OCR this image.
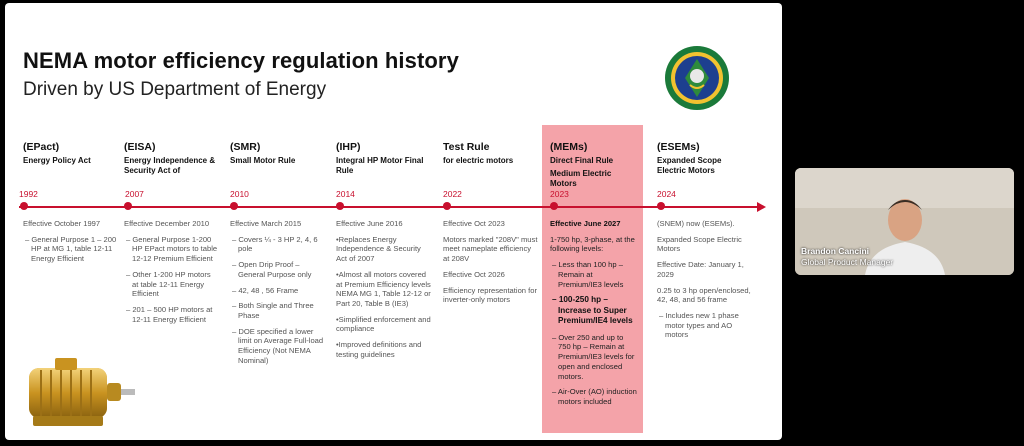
NEMA motor efficiency regulation history
Driven by US Department of Energy
(EPact)
Energy Policy Act
1992

Effective October 1997

– General Purpose 1 – 200 HP at MG 1, table 12-11 Energy Efficient

(EISA)
Energy Independence & Security Act of
2007

Effective December 2010

– General Purpose 1-200 HP EPact motors to table 12-12 Premium Efficient

– Other 1-200 HP motors at table 12-11 Energy Efficient

– 201 – 500 HP motors at 12-11 Energy Efficient

(SMR)
Small Motor Rule
2010

Effective March 2015

– Covers ¼ - 3 HP 2, 4, 6 pole

– Open Drip Proof – General Purpose only

– 42, 48 , 56 Frame

– Both Single and Three Phase

– DOE specified a lower limit on Average Full-load Efficiency (Not NEMA Nominal)

(IHP)
Integral HP Motor Final Rule
2014

Effective June 2016

•Replaces Energy Independence & Security Act of 2007

•Almost all motors covered at Premium Efficiency levels NEMA MG 1, Table 12-12 or Part 20, Table B (IE3)

•Simplified enforcement and compliance

•Improved definitions and testing guidelines

Test Rule
for electric motors
2022

Effective Oct 2023

Motors marked "208V" must meet nameplate efficiency at 208V

Effective Oct 2026

Efficiency representation for inverter-only motors

(MEMs)
Direct Final Rule
Medium Electric Motors
2023

Effective June 2027

1-750 hp, 3-phase, at the following levels:

– Less than 100 hp – Remain at Premium/IE3 levels

– 100-250 hp – Increase to Super Premium/IE4 levels

– Over 250 and up to 750 hp – Remain at Premium/IE3 levels for open and enclosed motors.

– Air-Over (AO) induction motors included

(ESEMs)
Expanded Scope Electric Motors
2024

(SNEM) now (ESEMs).

Expanded Scope Electric Motors

Effective Date: January 1, 2029

0.25 to 3 hp open/enclosed, 42, 48, and 56 frame

– Includes new 1 phase motor types and AO motors

Brandon Cancini
Global Product Manager
